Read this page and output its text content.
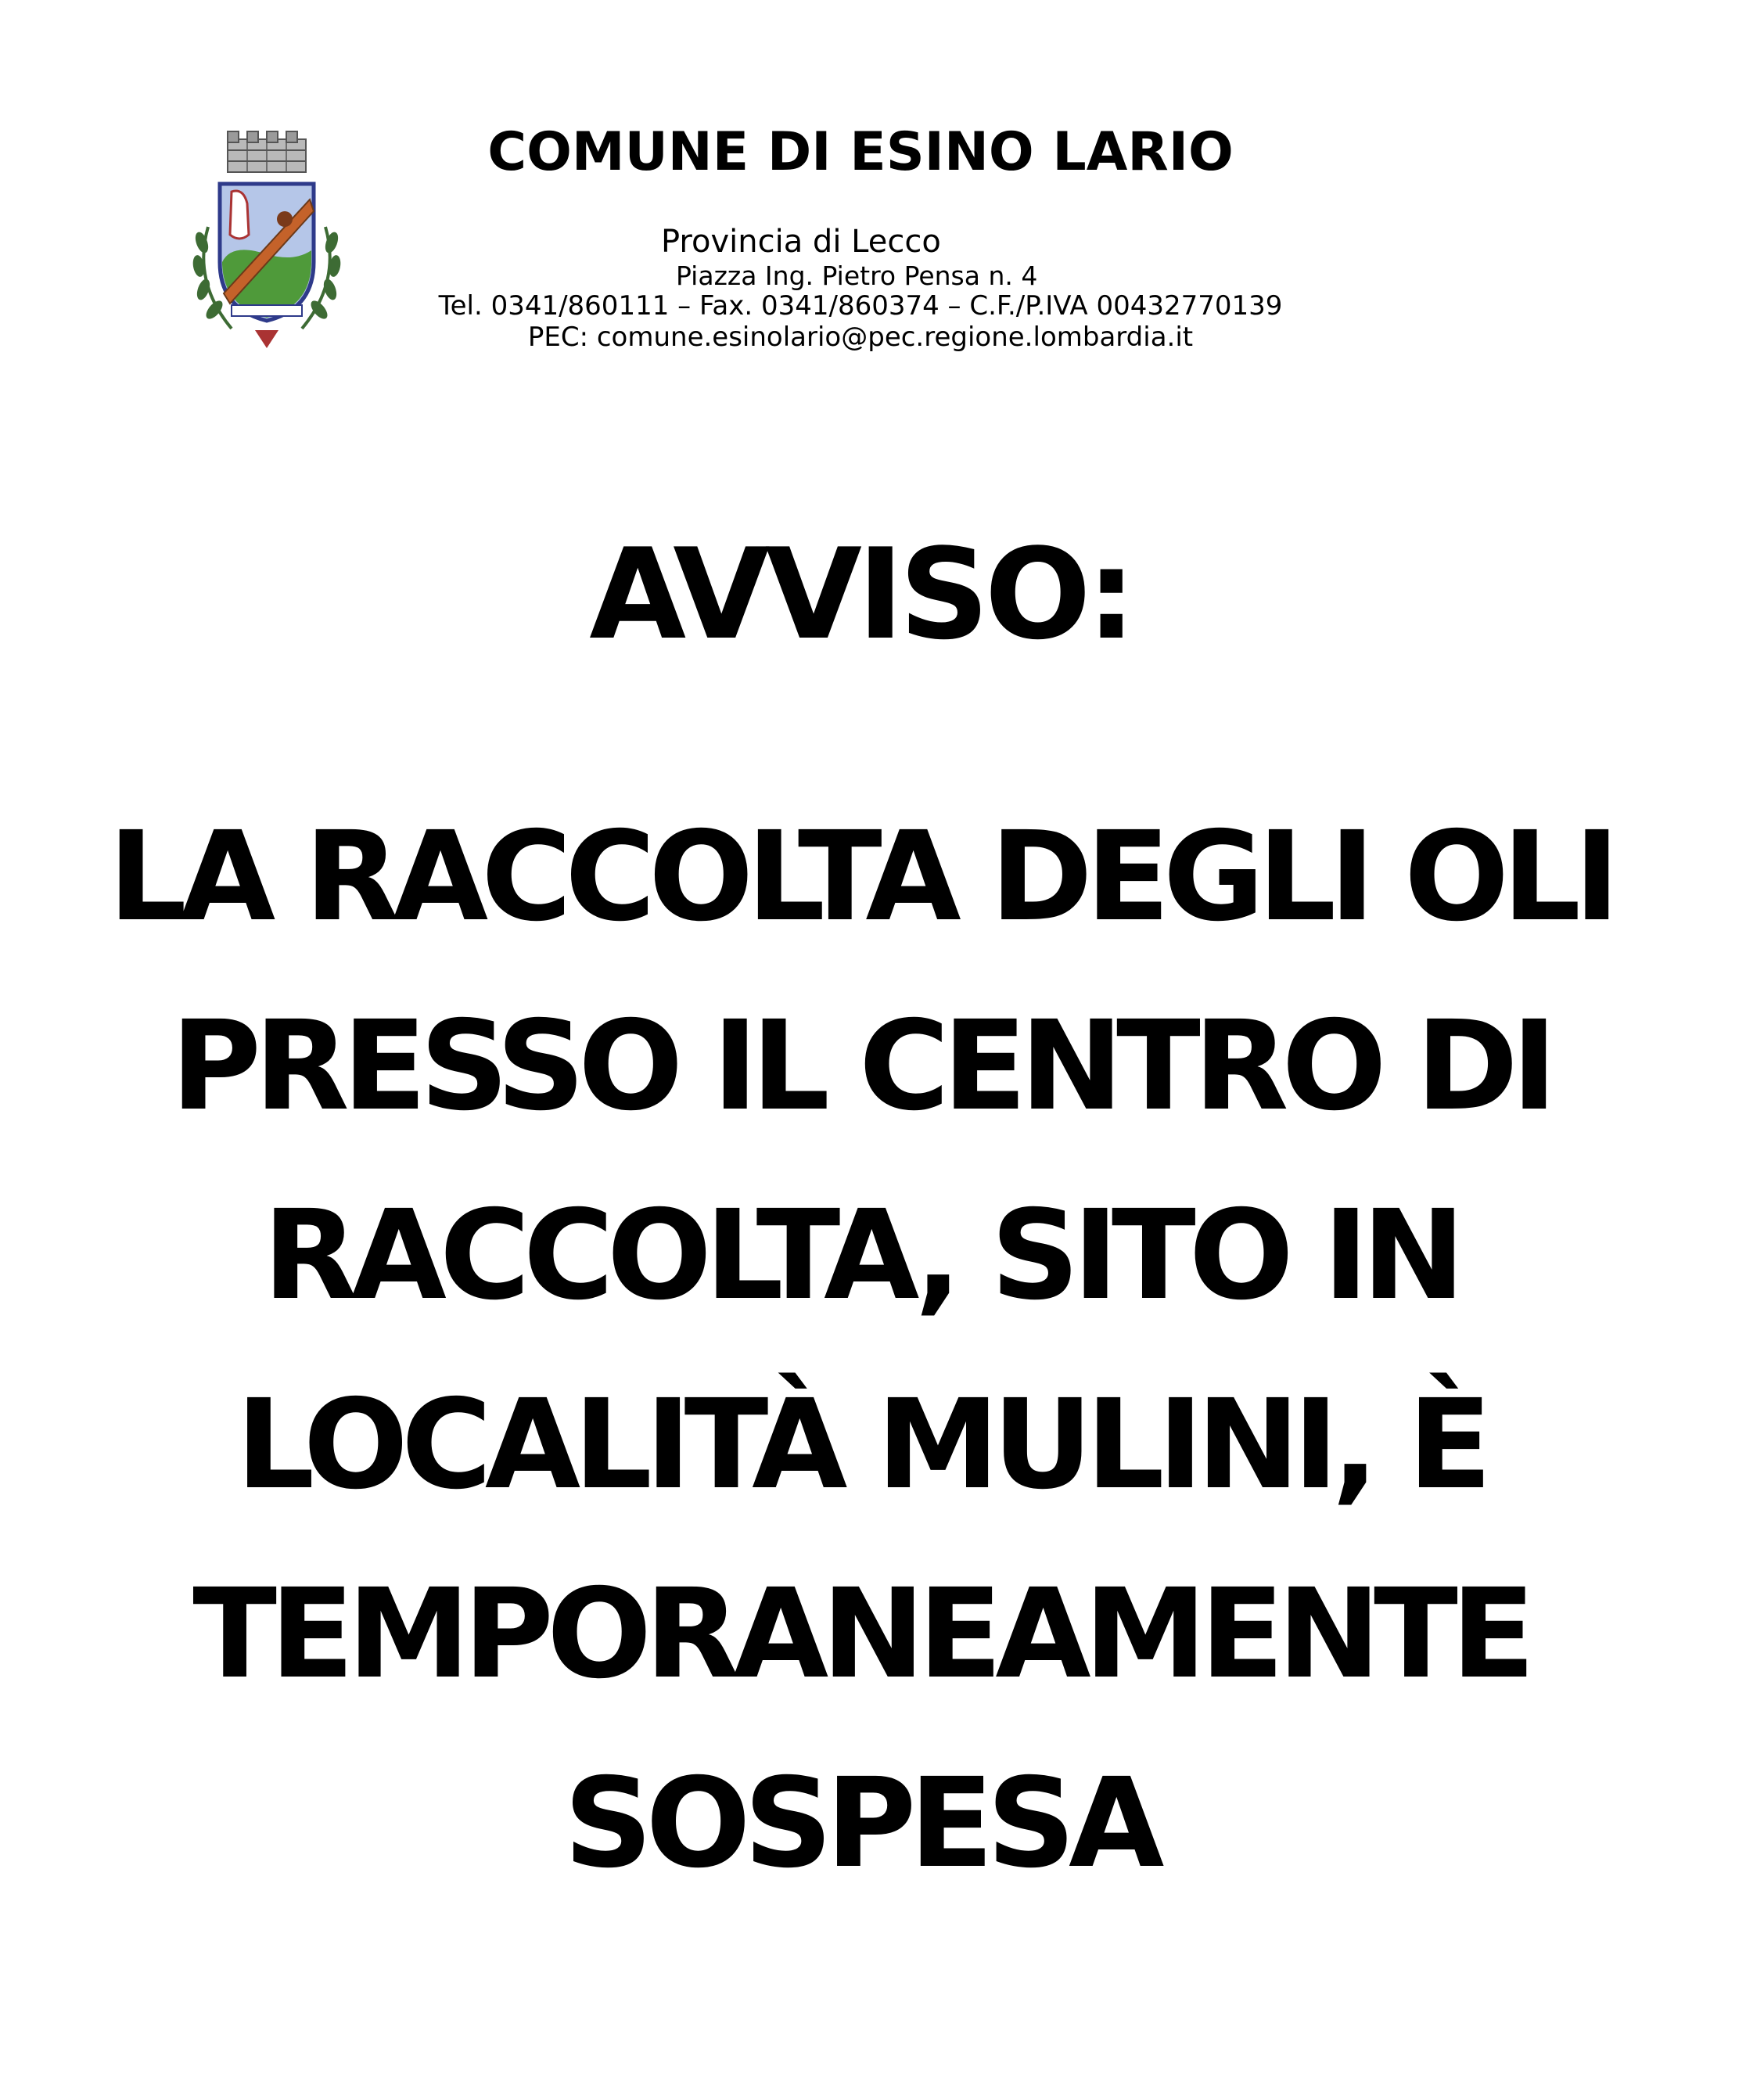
COMUNE DI ESINO LARIO
Provincia di Lecco
Piazza Ing. Pietro Pensa n. 4
Tel. 0341/860111 – Fax. 0341/860374 – C.F./P.IVA 00432770139
PEC: comune.esinolario@pec.regione.lombardia.it
AVVISO:
LA RACCOLTA DEGLI OLI
PRESSO IL CENTRO DI
RACCOLTA, SITO IN
LOCALITÀ MULINI, È
TEMPORANEAMENTE
SOSPESA
